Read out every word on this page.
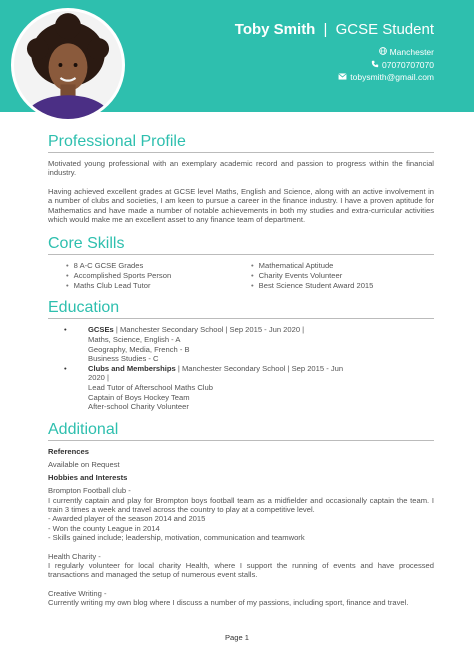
Toby Smith | GCSE Student
Manchester
07070707070
tobysmith@gmail.com
Professional Profile

Motivated young professional with an exemplary academic record and passion to progress within the financial industry.

Having achieved excellent grades at GCSE level Maths, English and Science, along with an active involvement in a number of clubs and societies, I am keen to pursue a career in the finance industry. I have a proven aptitude for Mathematics and have made a number of notable achievements in both my studies and extra-curricular activities which would make me an excellent asset to any finance team of department.

Core Skills
• 8 A-C GCSE Grades
• Accomplished Sports Person
• Maths Club Lead Tutor
• Mathematical Aptitude
• Charity Events Volunteer
• Best Science Student Award 2015
Education
•	GCSEs | Manchester Secondary School | Sep 2015 - Jun 2020 |
Maths, Science, English - A
Geography, Media, French - B
Business Studies - C
•	Clubs and Memberships | Manchester Secondary School | Sep 2015 - Jun 2020 |
Lead Tutor of Afterschool Maths Club
Captain of Boys Hockey Team
After-school Charity Volunteer
Additional
References

Available on Request

Hobbies and Interests

Brompton Football club -

I currently captain and play for Brompton boys football team as a midfielder and occasionally captain the team. I train 3 times a week and travel across the country to play at a competitive level.

- Awarded player of the season 2014 and 2015

- Won the county League in 2014

- Skills gained include; leadership, motivation, communication and teamwork

Health Charity -

I regularly volunteer for local charity Health, where I support the running of events and have processed transactions and managed the setup of numerous event stalls.

Creative Writing -

Currently writing my own blog where I discuss a number of my passions, including sport, finance and travel.

Page 1
